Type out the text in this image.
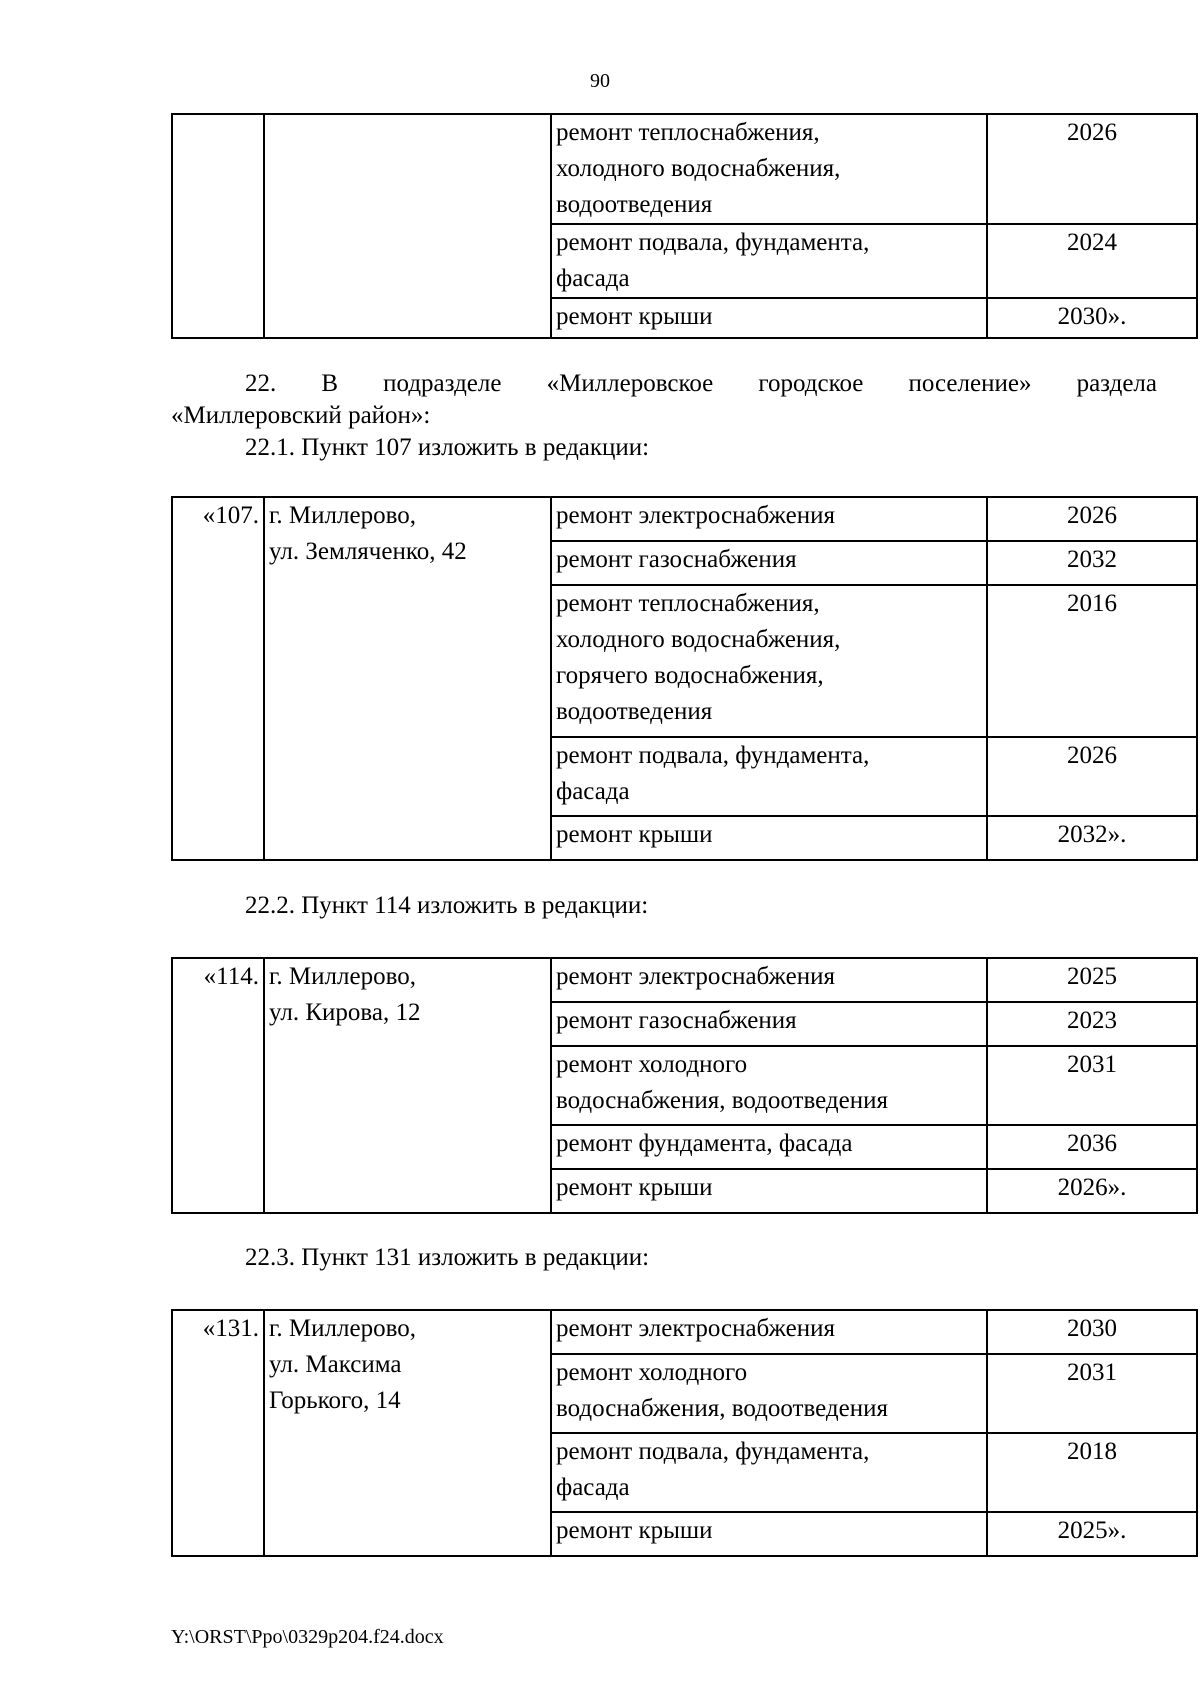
90
		ремонт теплоснабжения,
холодного водоснабжения,
водоотведения	2026
		ремонт подвала, фундамента,
фасада	2024
		ремонт крыши	2030».
22. В подразделе «Миллеровское городское поселение» раздела
«Миллеровский район»:
22.1. Пункт 107 изложить в редакции:
«107.	г. Миллерово,
ул. Земляченко, 42	ремонт электроснабжения	2026
		ремонт газоснабжения	2032
		ремонт теплоснабжения,
холодного водоснабжения,
горячего водоснабжения,
водоотведения	2016
		ремонт подвала, фундамента,
фасада	2026
		ремонт крыши	2032».
22.2. Пункт 114 изложить в редакции:
«114.	г. Миллерово,
ул. Кирова, 12	ремонт электроснабжения	2025
		ремонт газоснабжения	2023
		ремонт холодного
водоснабжения, водоотведения	2031
		ремонт фундамента, фасада	2036
		ремонт крыши	2026».
22.3. Пункт 131 изложить в редакции:
«131.	г. Миллерово,
ул. Максима
Горького, 14	ремонт электроснабжения	2030
		ремонт холодного
водоснабжения, водоотведения	2031
		ремонт подвала, фундамента,
фасада	2018
		ремонт крыши	2025».
Y:\ORST\Ppo\0329p204.f24.docx
